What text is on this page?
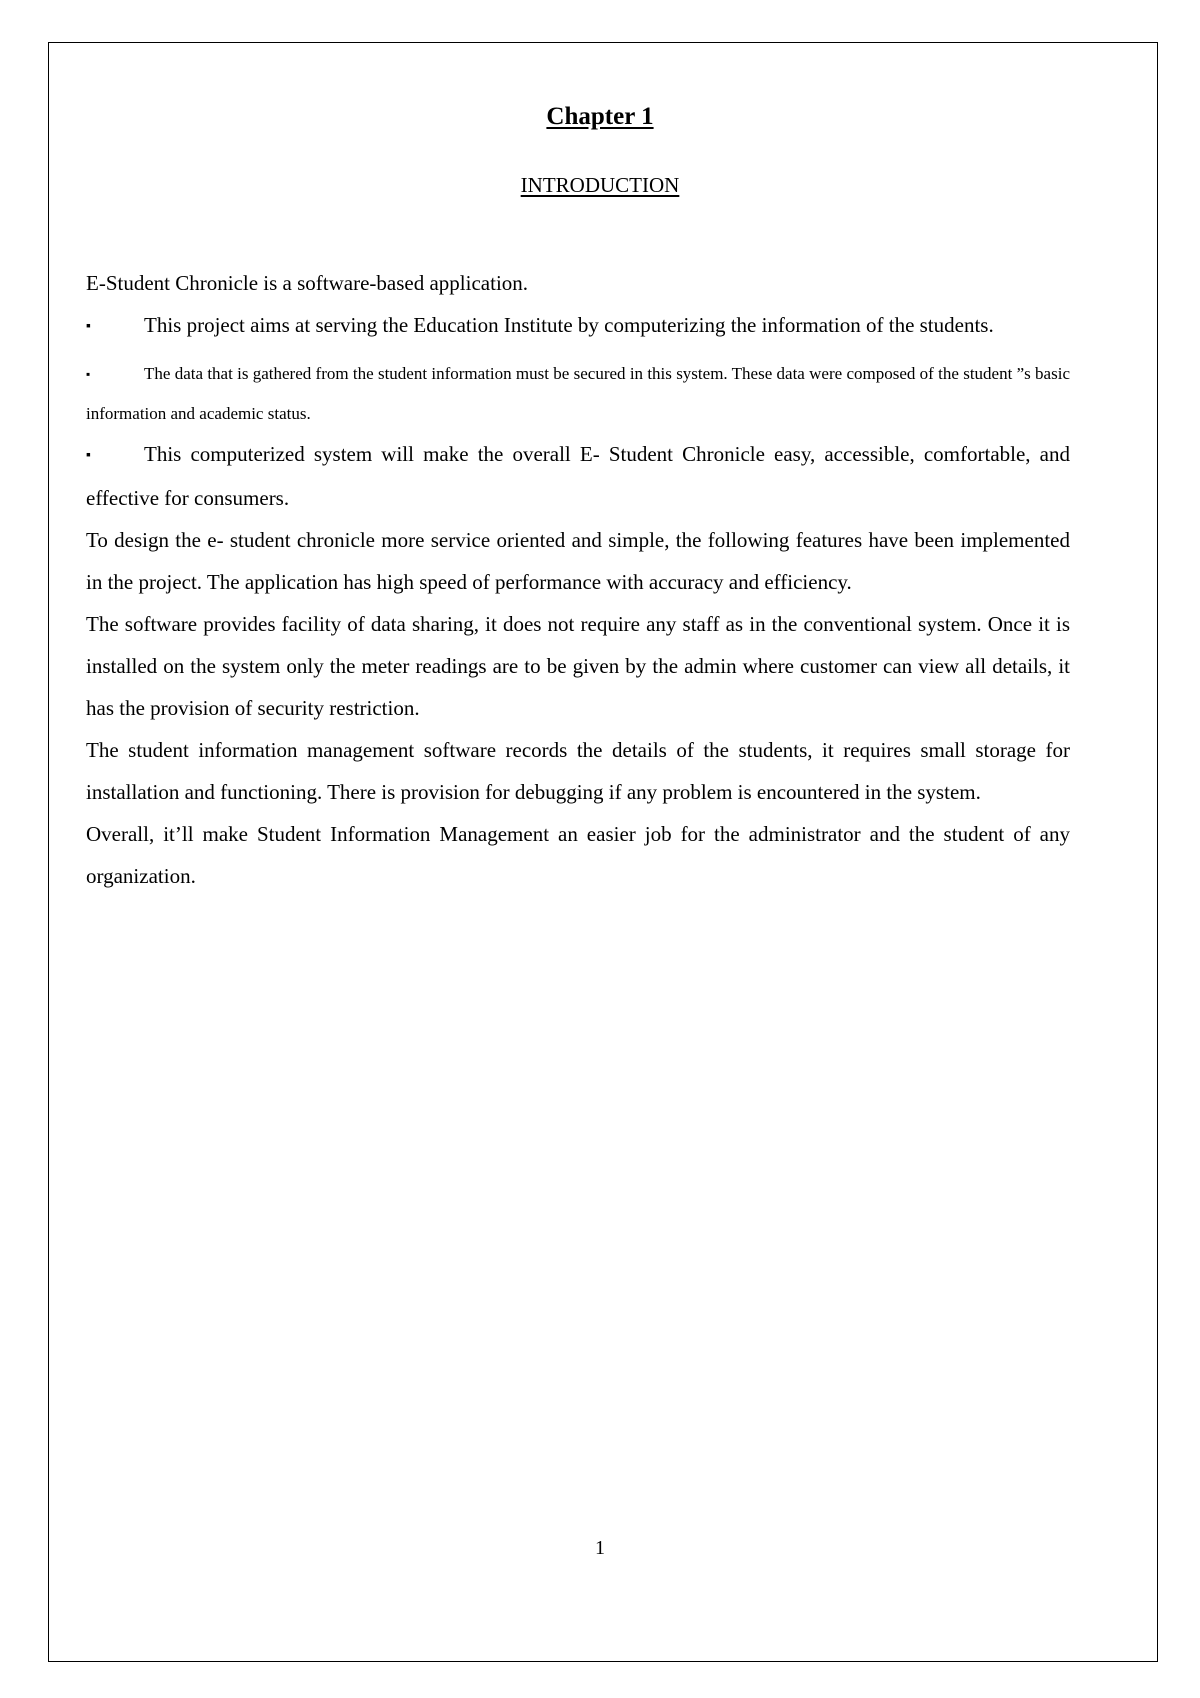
Chapter 1
INTRODUCTION

E-Student Chronicle is a software-based application.

▪	This project aims at serving the Education Institute by computerizing the information of the students.

▪	The data that is gathered from the student information must be secured in this system. These data were composed of the student ”s basic information and academic status.

▪	This computerized system will make the overall E- Student Chronicle easy, accessible, comfortable, and effective for consumers.

To design the e- student chronicle more service oriented and simple, the following features have been implemented in the project. The application has high speed of performance with accuracy and efficiency.

The software provides facility of data sharing, it does not require any staff as in the conventional system. Once it is installed on the system only the meter readings are to be given by the admin where customer can view all details, it has the provision of security restriction.

The student information management software records the details of the students, it requires small storage for installation and functioning. There is provision for debugging if any problem is encountered in the system.

Overall, it’ll make Student Information Management an easier job for the administrator and the student of any organization.

1
